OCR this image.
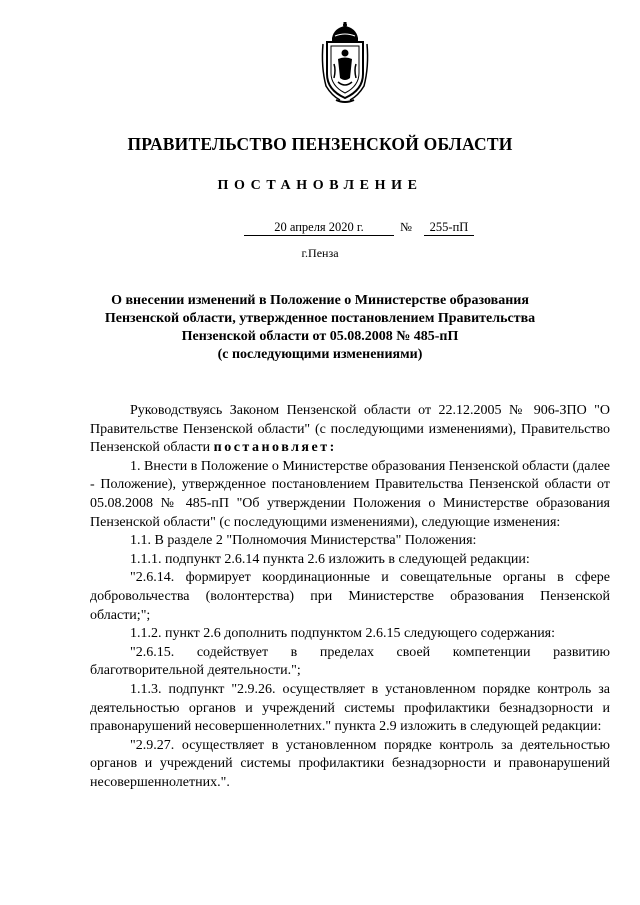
ПРАВИТЕЛЬСТВО ПЕНЗЕНСКОЙ ОБЛАСТИ
ПОСТАНОВЛЕНИЕ
20 апреля 2020 г.	№	255-пП
г.Пенза
О внесении изменений в Положение о Министерстве образования
Пензенской области, утвержденное постановлением Правительства
Пензенской области от 05.08.2008 № 485-пП
(с последующими изменениями)

Руководствуясь Законом Пензенской области от 22.12.2005 № 906-ЗПО "О Правительстве Пензенской области" (с последующими изменениями), Правительство Пензенской области постановляет:

1. Внести в Положение о Министерстве образования Пензенской области (далее - Положение), утвержденное постановлением Правительства Пензенской области от 05.08.2008 № 485-пП "Об утверждении Положения о Министерстве образования Пензенской области" (с последующими изменениями), следующие изменения:

1.1. В разделе 2 "Полномочия Министерства" Положения:

1.1.1. подпункт 2.6.14 пункта 2.6 изложить в следующей редакции:

"2.6.14. формирует координационные и совещательные органы в сфере добровольчества (волонтерства) при Министерстве образования Пензенской области;";

1.1.2. пункт 2.6 дополнить подпунктом 2.6.15 следующего содержания:

"2.6.15. содействует в пределах своей компетенции развитию благотворительной деятельности.";

1.1.3. подпункт "2.9.26. осуществляет в установленном порядке контроль за деятельностью органов и учреждений системы профилактики безнадзорности и правонарушений несовершеннолетних." пункта 2.9 изложить в следующей редакции:

"2.9.27. осуществляет в установленном порядке контроль за деятельностью органов и учреждений системы профилактики безнадзорности и правонарушений несовершеннолетних.".
